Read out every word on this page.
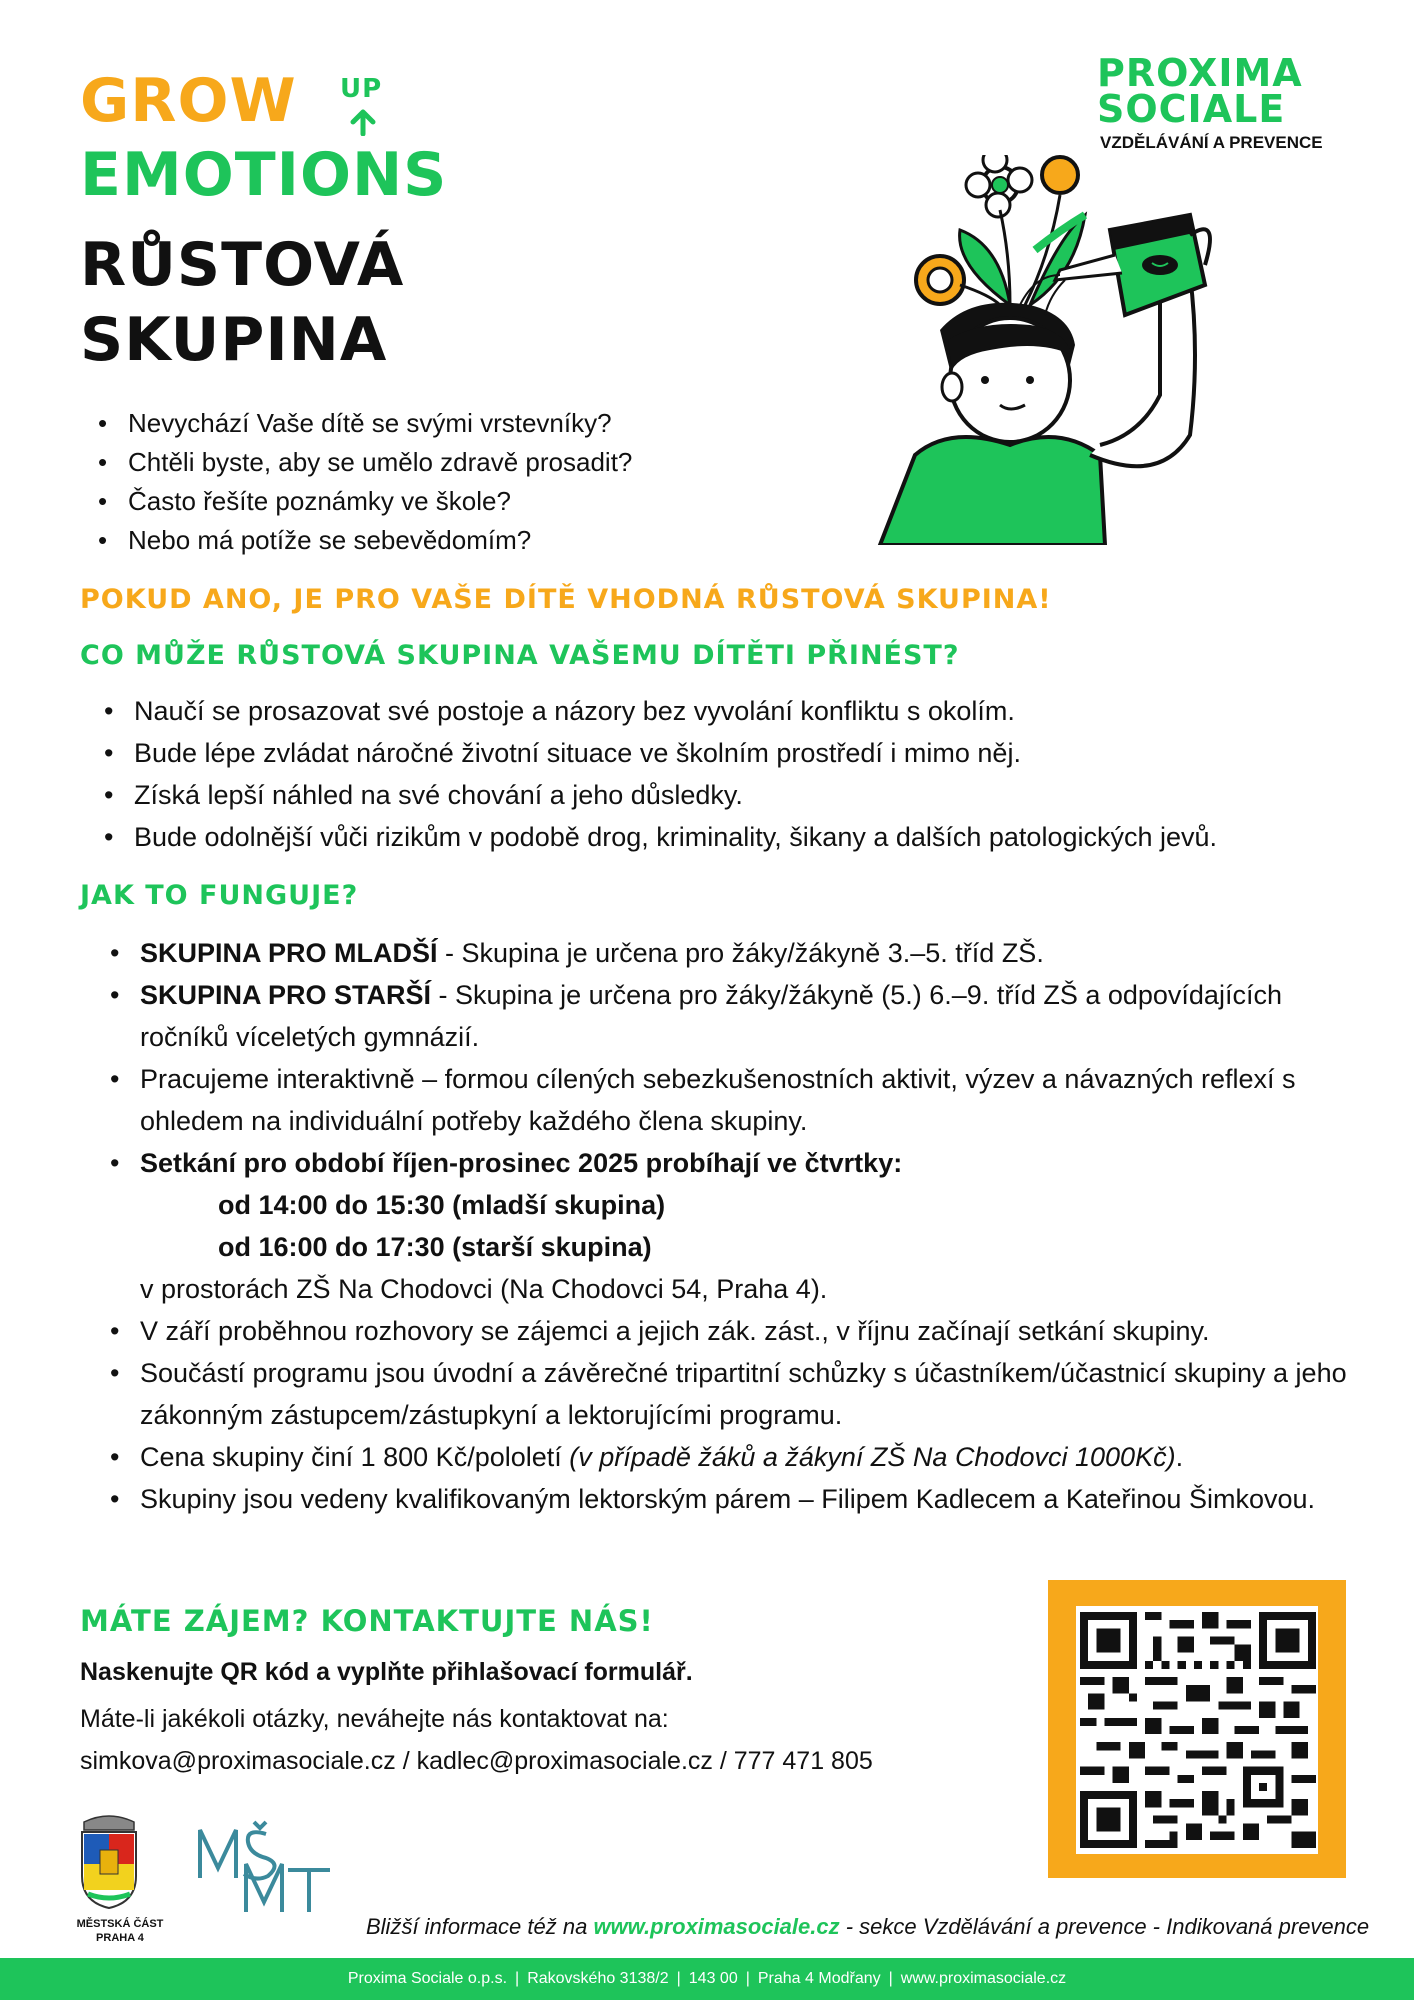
GROW UP
EMOTIONS
RŮSTOVÁ
SKUPINA
PROXIMA
SOCIALE
VZDĚLÁVÁNÍ A PREVENCE
• Nevychází Vaše dítě se svými vrstevníky?
• Chtěli byste, aby se umělo zdravě prosadit?
• Často řešíte poznámky ve škole?
• Nebo má potíže se sebevědomím?
POKUD ANO, JE PRO VAŠE DÍTĚ VHODNÁ RŮSTOVÁ SKUPINA!
CO MŮŽE RŮSTOVÁ SKUPINA VAŠEMU DÍTĚTI PŘINÉST?
• Naučí se prosazovat své postoje a názory bez vyvolání konfliktu s okolím.
• Bude lépe zvládat náročné životní situace ve školním prostředí i mimo něj.
• Získá lepší náhled na své chování a jeho důsledky.
• Bude odolnější vůči rizikům v podobě drog, kriminality, šikany a dalších patologických jevů.
JAK TO FUNGUJE?
• SKUPINA PRO MLADŠÍ - Skupina je určena pro žáky/žákyně 3.–5. tříd ZŠ.
• SKUPINA PRO STARŠÍ - Skupina je určena pro žáky/žákyně (5.) 6.–9. tříd ZŠ a odpovídajících ročníků víceletých gymnázií.
• Pracujeme interaktivně – formou cílených sebezkušenostních aktivit, výzev a návazných reflexí s ohledem na individuální potřeby každého člena skupiny.
• Setkání pro období říjen-prosinec 2025 probíhají ve čtvrtky:
od 14:00 do 15:30 (mladší skupina)
od 16:00 do 17:30 (starší skupina)
v prostorách ZŠ Na Chodovci (Na Chodovci 54, Praha 4).
• V září proběhnou rozhovory se zájemci a jejich zák. zást., v říjnu začínají setkání skupiny.
• Součástí programu jsou úvodní a závěrečné tripartitní schůzky s účastníkem/účastnicí skupiny a jeho zákonným zástupcem/zástupkyní a lektorujícími programu.
• Cena skupiny činí 1 800 Kč/pololetí (v případě žáků a žákyní ZŠ Na Chodovci 1000Kč).
• Skupiny jsou vedeny kvalifikovaným lektorským párem – Filipem Kadlecem a Kateřinou Šimkovou.
MÁTE ZÁJEM? KONTAKTUJTE NÁS!
Naskenujte QR kód a vyplňte přihlašovací formulář.
Máte-li jakékoli otázky, neváhejte nás kontaktovat na:
simkova@proximasociale.cz / kadlec@proximasociale.cz / 777 471 805
MĚSTSKÁ ČÁST
PRAHA 4	Bližší informace též na www.proximasociale.cz - sekce Vzdělávání a prevence - Indikovaná prevence
Proxima Sociale o.p.s. | Rakovského 3138/2 | 143 00 | Praha 4 Modřany | www.proximasociale.cz
